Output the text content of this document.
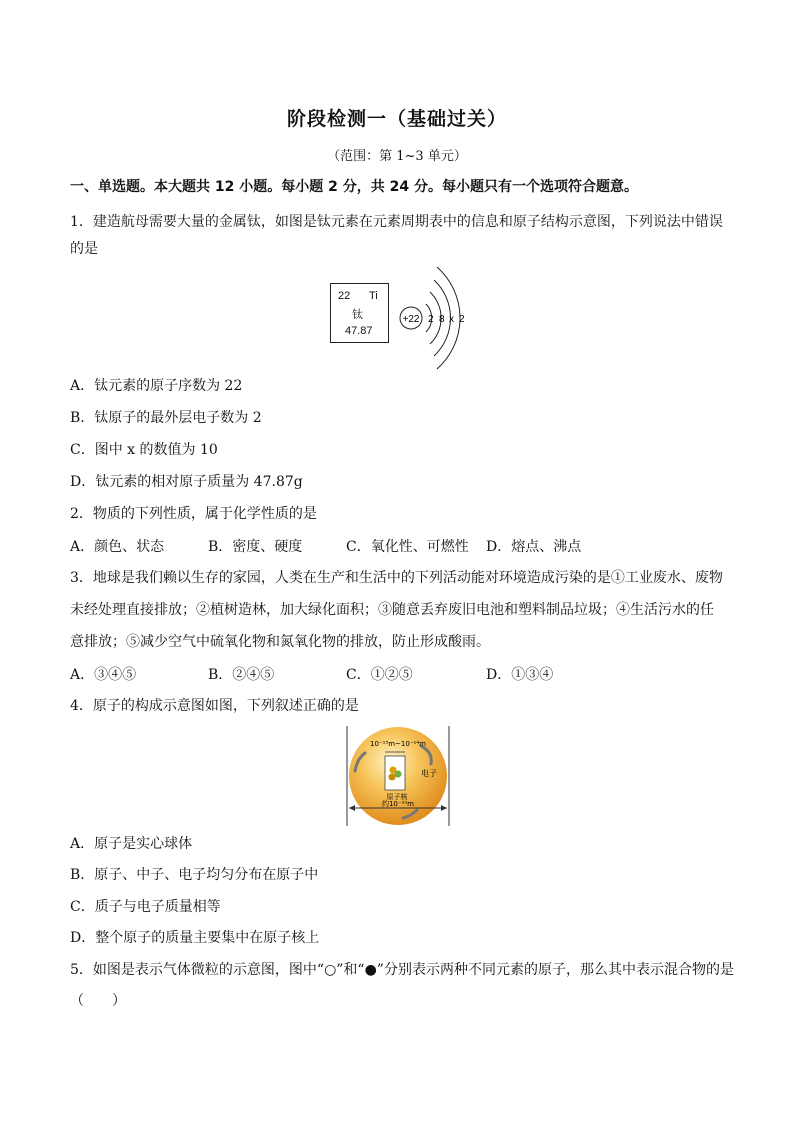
阶段检测一（基础过关）
（范围：第 1~3 单元）
一、单选题。本大题共 12 小题。每小题 2 分，共 24 分。每小题只有一个选项符合题意。
1．建造航母需要大量的金属钛，如图是钛元素在元素周期表中的信息和原子结构示意图，下列说法中错误
的是
22 Ti
钛
47.87
+22 2 8 x 2
A．钛元素的原子序数为 22
B．钛原子的最外层电子数为 2
C．图中 x 的数值为 10
D．钛元素的相对原子质量为 47.87g
2．物质的下列性质，属于化学性质的是
A．颜色、状态	B．密度、硬度	C．氧化性、可燃性 D．熔点、沸点
3．地球是我们赖以生存的家园，人类在生产和生活中的下列活动能对环境造成污染的是①工业废水、废物
未经处理直接排放；②植树造林，加大绿化面积；③随意丢弃废旧电池和塑料制品垃圾；④生活污水的任
意排放；⑤减少空气中硫氧化物和氮氧化物的排放，防止形成酸雨。
A．③④⑤	B．②④⑤	C．①②⑤	D．①③④
4．原子的构成示意图如图，下列叙述正确的是
10⁻¹⁵m~10⁻¹⁴m
电子
原子核
约10⁻¹⁰m
A．原子是实心球体
B．原子、中子、电子均匀分布在原子中
C．质子与电子质量相等
D．整个原子的质量主要集中在原子核上
5．如图是表示气体微粒的示意图，图中“○”和“●”分别表示两种不同元素的原子，那么其中表示混合物的是
（　　）
